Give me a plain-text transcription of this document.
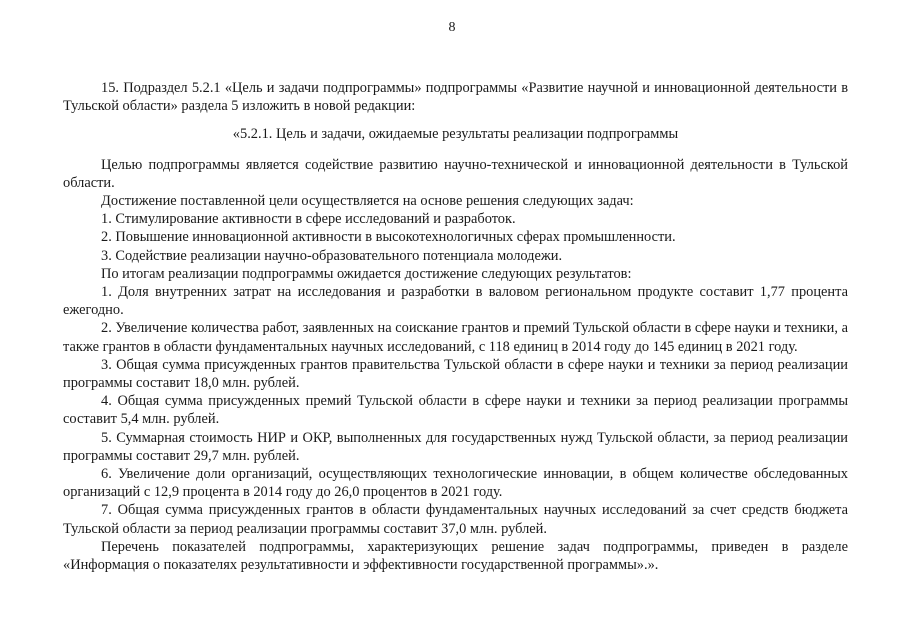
8

15. Подраздел 5.2.1 «Цель и задачи подпрограммы» подпрограммы «Развитие научной и инновационной деятельности в Тульской области» раздела 5 изложить в новой редакции:

«5.2.1. Цель и задачи, ожидаемые результаты реализации подпрограммы

Целью подпрограммы является содействие развитию научно-технической и инновационной деятельности в Тульской области.

Достижение поставленной цели осуществляется на основе решения следующих задач:

1. Стимулирование активности в сфере исследований и разработок.

2. Повышение инновационной активности в высокотехнологичных сферах промышленности.

3. Содействие реализации научно-образовательного потенциала молодежи.

По итогам реализации подпрограммы ожидается достижение следующих результатов:

1. Доля внутренних затрат на исследования и разработки в валовом региональном продукте составит 1,77 процента ежегодно.

2. Увеличение количества работ, заявленных на соискание грантов и премий Тульской области в сфере науки и техники, а также грантов в области фундаментальных научных исследований, с 118 единиц в 2014 году до 145 единиц в 2021 году.

3. Общая сумма присужденных грантов правительства Тульской области в сфере науки и техники за период реализации программы составит 18,0 млн. рублей.

4. Общая сумма присужденных премий Тульской области в сфере науки и техники за период реализации программы составит 5,4 млн. рублей.

5. Суммарная стоимость НИР и ОКР, выполненных для государственных нужд Тульской области, за период реализации программы составит 29,7 млн. рублей.

6. Увеличение доли организаций, осуществляющих технологические инновации, в общем количестве обследованных организаций с 12,9 процента в 2014 году до 26,0 процентов в 2021 году.

7. Общая сумма присужденных грантов в области фундаментальных научных исследований за счет средств бюджета Тульской области за период реализации программы составит 37,0 млн. рублей.

Перечень показателей подпрограммы, характеризующих решение задач подпрограммы, приведен в разделе «Информация о показателях результативности и эффективности государственной программы».».
